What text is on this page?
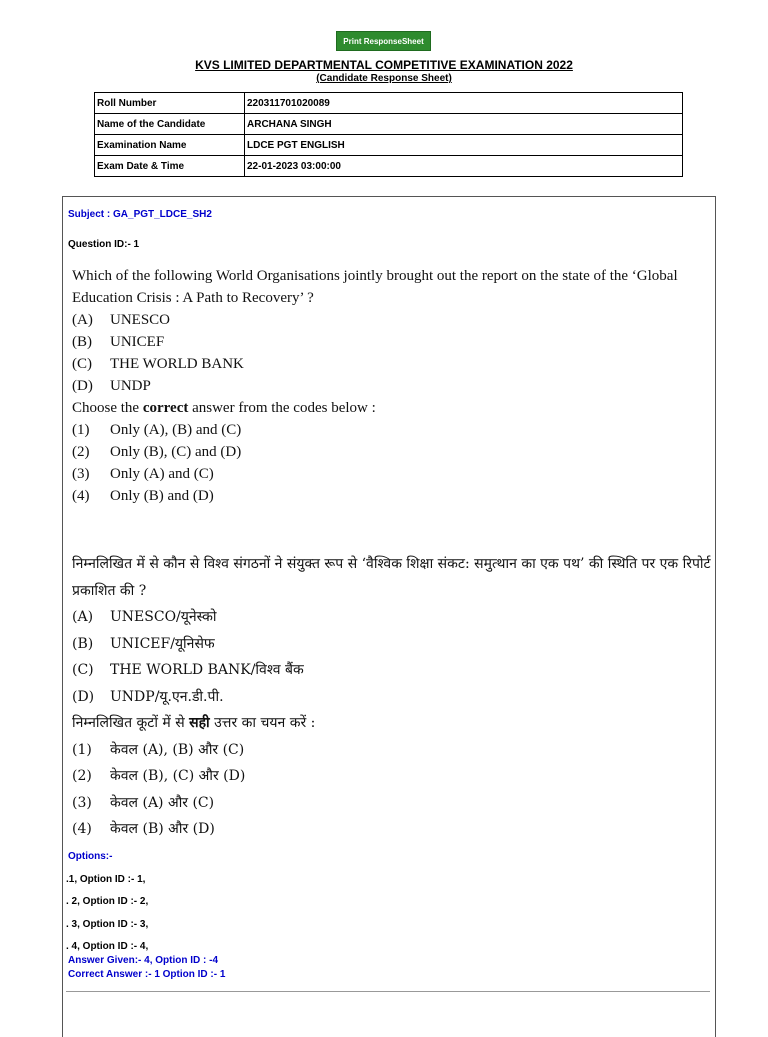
Print ResponseSheet
KVS LIMITED DEPARTMENTAL COMPETITIVE EXAMINATION 2022
(Candidate Response Sheet)
Roll Number	220311701020089
Name of the Candidate	ARCHANA SINGH
Examination Name	LDCE PGT ENGLISH
Exam Date & Time	22-01-2023 03:00:00
Subject : GA_PGT_LDCE_SH2
Question ID:- 1
Which of the following World Organisations jointly brought out the report on the state of the ‘Global Education Crisis : A Path to Recovery’ ?
(A)	UNESCO
(B)	UNICEF
(C)	THE WORLD BANK
(D)	UNDP
Choose the correct answer from the codes below :
(1)	Only (A), (B) and (C)
(2)	Only (B), (C) and (D)
(3)	Only (A) and (C)
(4)	Only (B) and (D)
निम्नलिखित में से कौन से विश्व संगठनों ने संयुक्त रूप से ‘वैश्विक शिक्षा संकट: समुत्थान का एक पथ’ की स्थिति पर एक रिपोर्ट प्रकाशित की ?
(A)	UNESCO/यूनेस्को
(B)	UNICEF/यूनिसेफ
(C)	THE WORLD BANK/विश्व बैंक
(D)	UNDP/यू.एन.डी.पी.
निम्नलिखित कूटों में से सही उत्तर का चयन करें :
(1)	केवल (A), (B) और (C)
(2)	केवल (B), (C) और (D)
(3)	केवल (A) और (C)
(4)	केवल (B) और (D)
Options:-
.1, Option ID :- 1,
. 2, Option ID :- 2,
. 3, Option ID :- 3,
. 4, Option ID :- 4,
Answer Given:- 4, Option ID : -4
Correct Answer :- 1 Option ID :- 1
